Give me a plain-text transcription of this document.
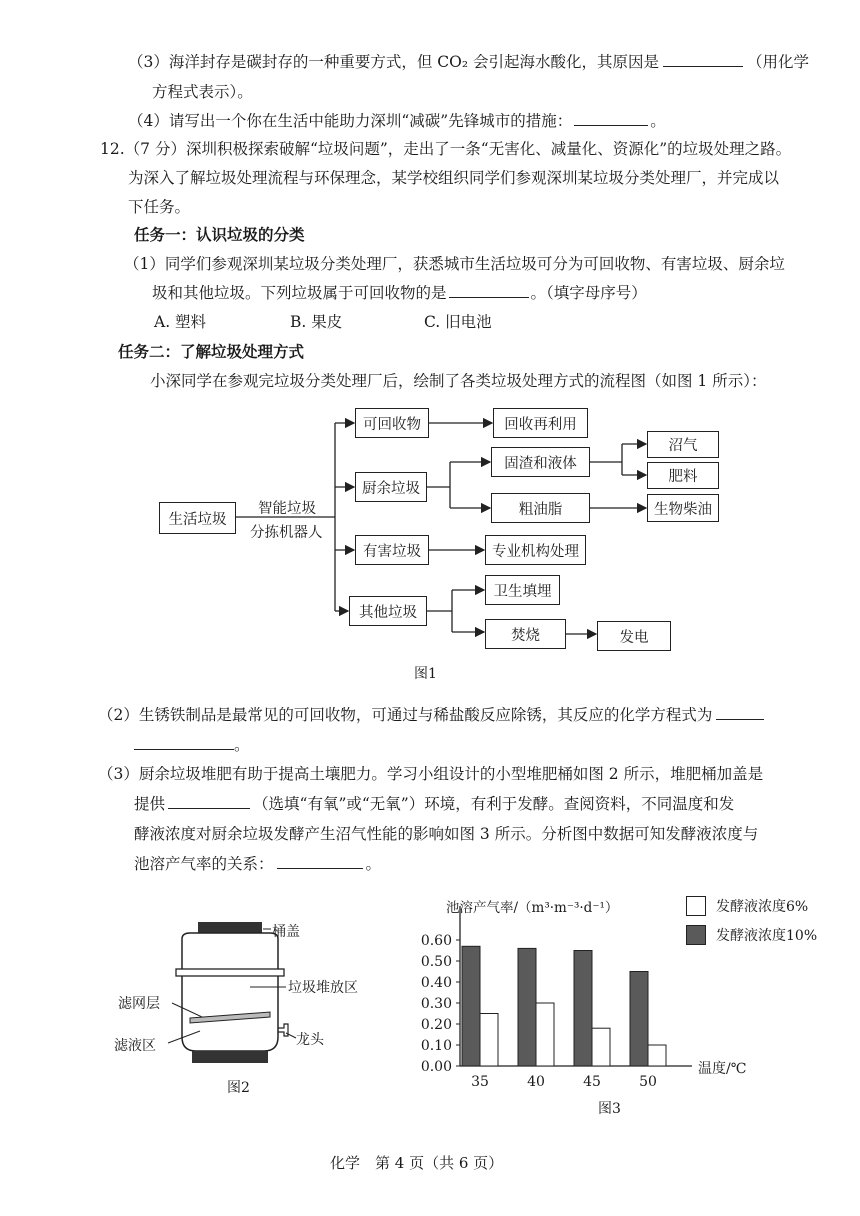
（3）海洋封存是碳封存的一种重要方式，但 CO₂ 会引起海水酸化，其原因是	（用化学
方程式表示）。
（4）请写出一个你在生活中能助力深圳“减碳”先锋城市的措施：	。
12.（7 分）深圳积极探索破解“垃圾问题”，走出了一条“无害化、减量化、资源化”的垃圾处理之路。
为深入了解垃圾处理流程与环保理念，某学校组织同学们参观深圳某垃圾分类处理厂，并完成以
下任务。
任务一：认识垃圾的分类
（1）同学们参观深圳某垃圾分类处理厂，获悉城市生活垃圾可分为可回收物、有害垃圾、厨余垃
圾和其他垃圾。下列垃圾属于可回收物的是	。（填字母序号）
A. 塑料	B. 果皮	C. 旧电池
任务二：了解垃圾处理方式
小深同学在参观完垃圾分类处理厂后，绘制了各类垃圾处理方式的流程图（如图 1 所示）：
生活垃圾
智能垃圾
分拣机器人
可回收物
厨余垃圾
有害垃圾
其他垃圾
回收再利用
固渣和液体
粗油脂
沼气
肥料
生物柴油
专业机构处理
卫生填埋
焚烧	发电
图1
（2）生锈铁制品是最常见的可回收物，可通过与稀盐酸反应除锈，其反应的化学方程式为
。
（3）厨余垃圾堆肥有助于提高土壤肥力。学习小组设计的小型堆肥桶如图 2 所示，堆肥桶加盖是
提供	（选填“有氧”或“无氧”）环境，有利于发酵。查阅资料，不同温度和发
酵液浓度对厨余垃圾发酵产生沼气性能的影响如图 3 所示。分析图中数据可知发酵液浓度与
池溶产气率的关系：	。
桶盖
垃圾堆放区
滤网层
龙头
滤液区
图2
0.00
0.10
0.20
0.30
0.40
0.50
0.60
35	40	45	50
池溶产气率/（m³·m⁻³·d⁻¹）
温度/℃
发酵液浓度6%
发酵液浓度10%
图3
化学　第 4 页（共 6 页）
